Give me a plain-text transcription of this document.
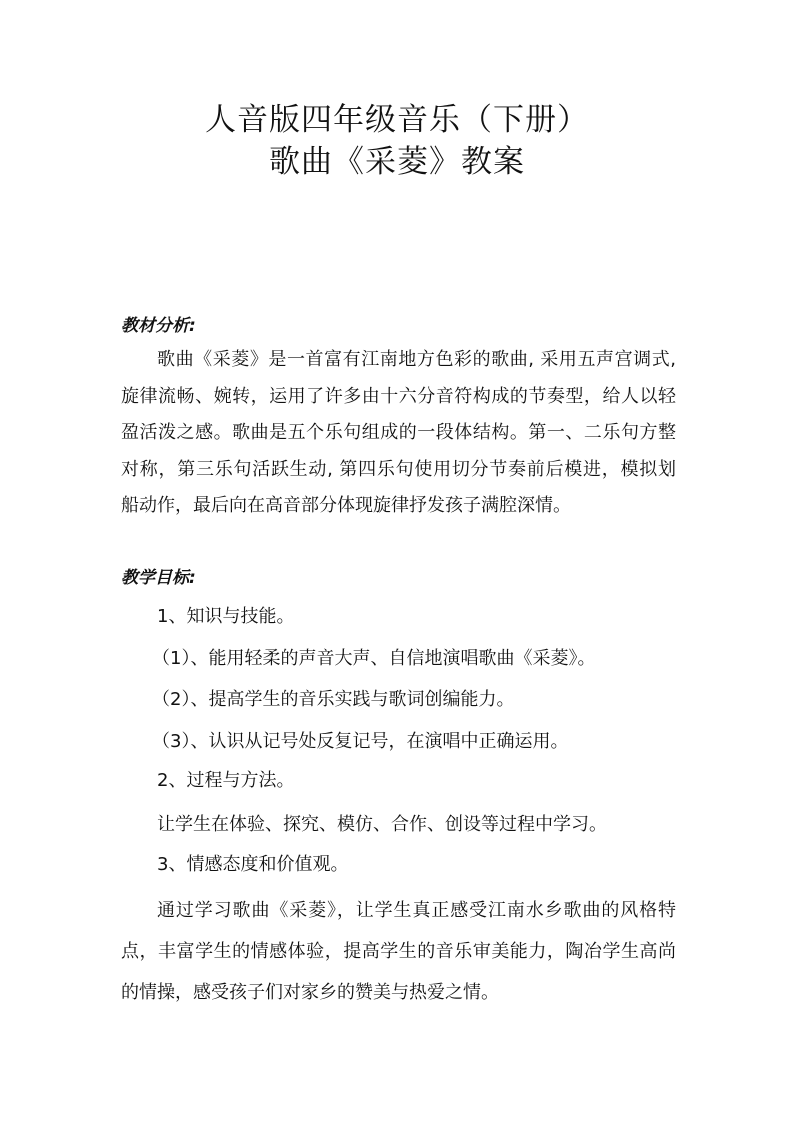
人音版四年级音乐（下册）
歌曲《采菱》教案
教材分析:
歌曲《采菱》是一首富有江南地方色彩的歌曲, 采用五声宫调式,
旋律流畅、婉转，运用了许多由十六分音符构成的节奏型，给人以轻
盈活泼之感。歌曲是五个乐句组成的一段体结构。第一、二乐句方整
对称，第三乐句活跃生动, 第四乐句使用切分节奏前后模进，模拟划
船动作，最后向在高音部分体现旋律抒发孩子满腔深情。
教学目标:
1、知识与技能。
（1）、能用轻柔的声音大声、自信地演唱歌曲《采菱》。
（2）、提高学生的音乐实践与歌词创编能力。
（3）、认识从记号处反复记号，在演唱中正确运用。
2、过程与方法。
让学生在体验、探究、模仿、合作、创设等过程中学习。
3、情感态度和价值观。
通过学习歌曲《采菱》，让学生真正感受江南水乡歌曲的风格特
点，丰富学生的情感体验，提高学生的音乐审美能力，陶冶学生高尚
的情操，感受孩子们对家乡的赞美与热爱之情。
